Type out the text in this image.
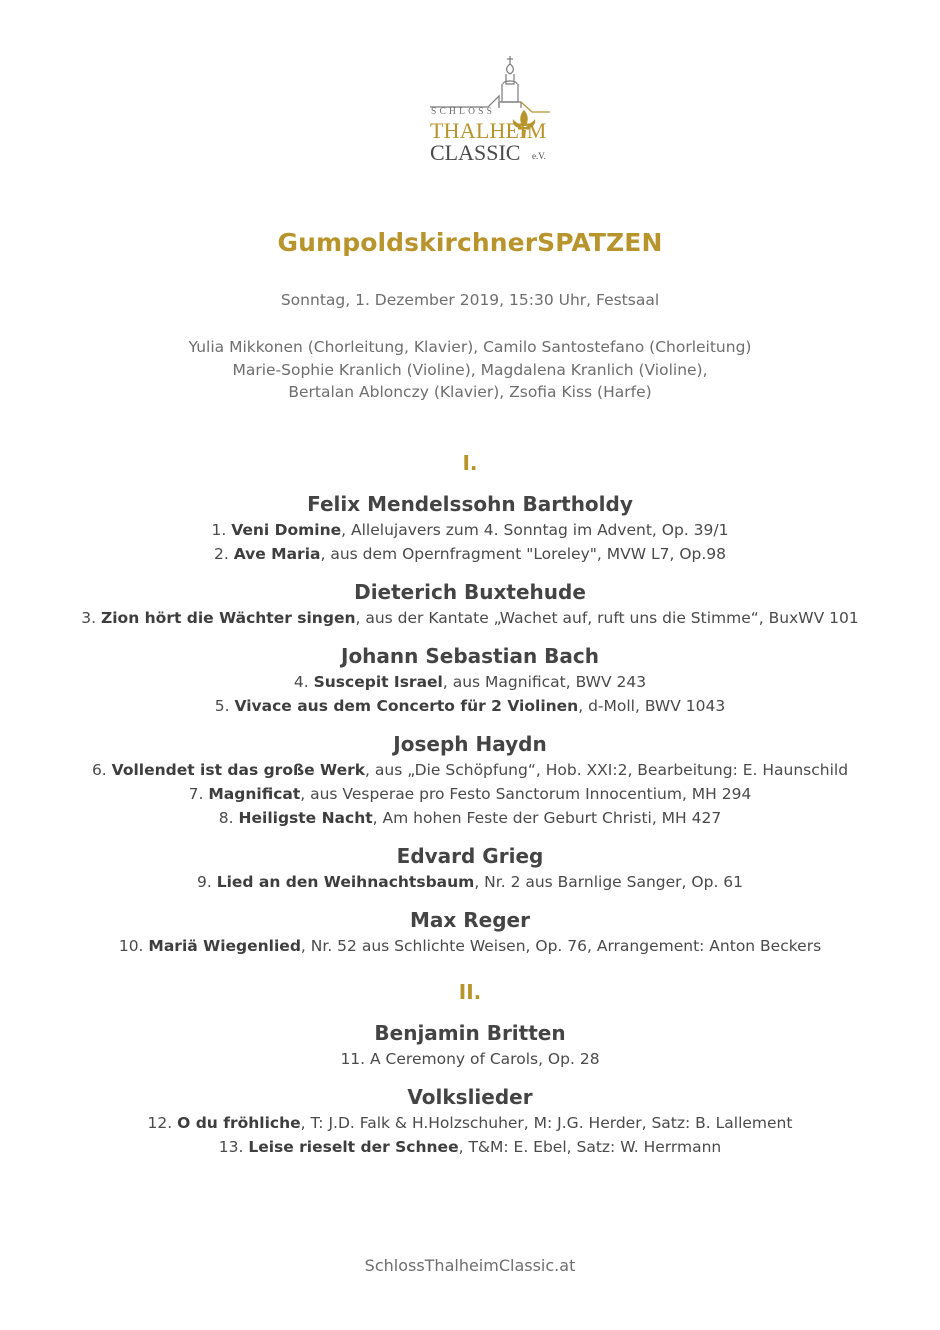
SCHLOSS
THALHEIM
CLASSIC e.V.
GumpoldskirchnerSPATZEN
Sonntag, 1. Dezember 2019, 15:30 Uhr, Festsaal
Yulia Mikkonen (Chorleitung, Klavier), Camilo Santostefano (Chorleitung)
Marie-Sophie Kranlich (Violine), Magdalena Kranlich (Violine),
Bertalan Ablonczy (Klavier), Zsofia Kiss (Harfe)
I.
Felix Mendelssohn Bartholdy
1. Veni Domine, Allelujavers zum 4. Sonntag im Advent, Op. 39/1
2. Ave Maria, aus dem Opernfragment "Loreley", MVW L7, Op.98
Dieterich Buxtehude
3. Zion hört die Wächter singen, aus der Kantate „Wachet auf, ruft uns die Stimme“, BuxWV 101
Johann Sebastian Bach
4. Suscepit Israel, aus Magnificat, BWV 243
5. Vivace aus dem Concerto für 2 Violinen, d-Moll, BWV 1043
Joseph Haydn
6. Vollendet ist das große Werk, aus „Die Schöpfung“, Hob. XXI:2, Bearbeitung: E. Haunschild
7. Magnificat, aus Vesperae pro Festo Sanctorum Innocentium, MH 294
8. Heiligste Nacht, Am hohen Feste der Geburt Christi, MH 427
Edvard Grieg
9. Lied an den Weihnachtsbaum, Nr. 2 aus Barnlige Sanger, Op. 61
Max Reger
10. Mariä Wiegenlied, Nr. 52 aus Schlichte Weisen, Op. 76, Arrangement: Anton Beckers
II.
Benjamin Britten
11. A Ceremony of Carols, Op. 28
Volkslieder
12. O du fröhliche, T: J.D. Falk & H.Holzschuher, M: J.G. Herder, Satz: B. Lallement
13. Leise rieselt der Schnee, T&M: E. Ebel, Satz: W. Herrmann
SchlossThalheimClassic.at
